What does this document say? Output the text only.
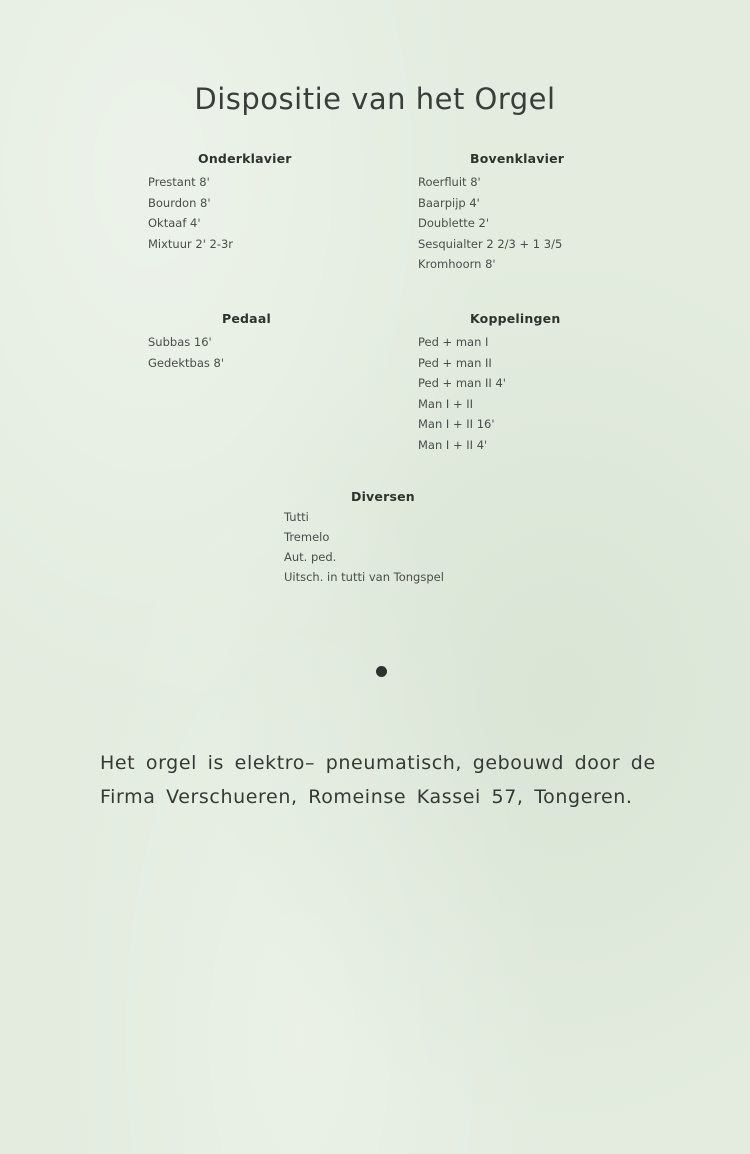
Dispositie van het Orgel
Onderklavier
Prestant 8'
Bourdon 8'
Oktaaf 4'
Mixtuur 2' 2-3r
Bovenklavier
Roerfluit 8'
Baarpijp 4'
Doublette 2'
Sesquialter 2 2/3 + 1 3/5
Kromhoorn 8'
Pedaal
Subbas 16'
Gedektbas 8'
Koppelingen
Ped + man I
Ped + man II
Ped + man II 4'
Man I + II
Man I + II 16'
Man I + II 4'
Diversen
Tutti
Tremelo
Aut. ped.
Uitsch. in tutti van Tongspel

Het orgel is elektro– pneumatisch, gebouwd door de
Firma Verschueren, Romeinse Kassei 57, Tongeren.
